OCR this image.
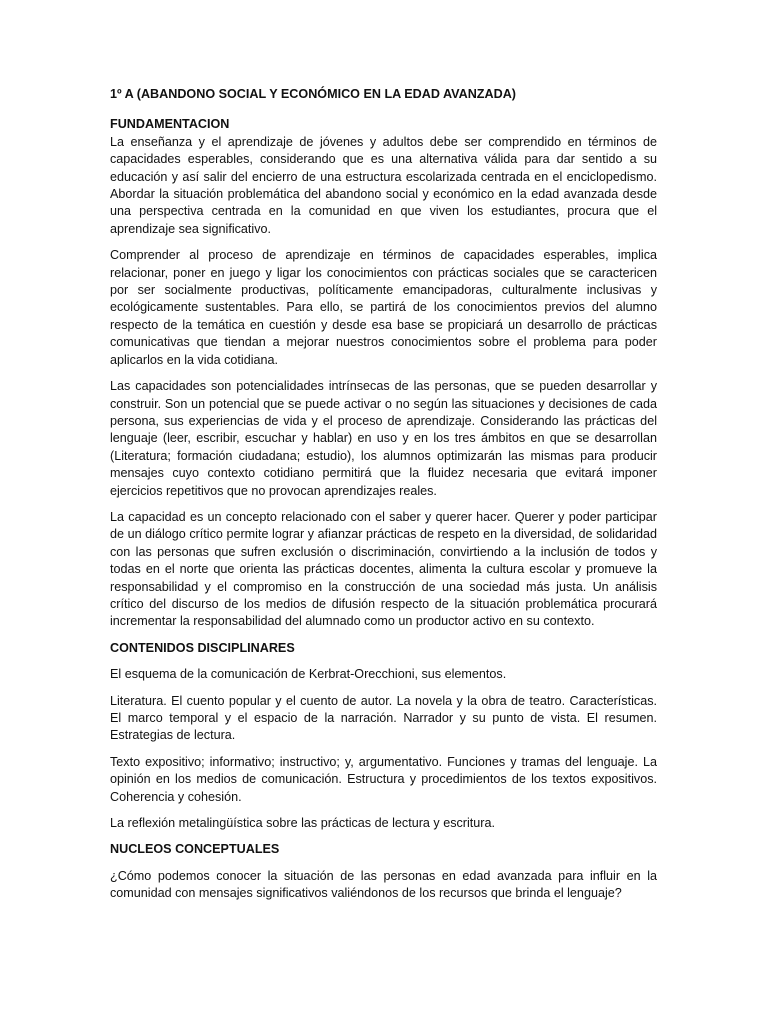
1º A (ABANDONO SOCIAL Y ECONÓMICO EN LA EDAD AVANZADA)

FUNDAMENTACION

La enseñanza y el aprendizaje de jóvenes y adultos debe ser comprendido en términos de capacidades esperables, considerando que es una alternativa válida para dar sentido a su educación y así salir del encierro de una estructura escolarizada centrada en el enciclopedismo. Abordar la situación problemática del abandono social y económico en la edad avanzada desde una perspectiva centrada en la comunidad en que viven los estudiantes, procura que el aprendizaje sea significativo.

Comprender al proceso de aprendizaje en términos de capacidades esperables, implica relacionar, poner en juego y ligar los conocimientos con prácticas sociales que se caractericen por ser socialmente productivas, políticamente emancipadoras, culturalmente inclusivas y ecológicamente sustentables. Para ello, se partirá de los conocimientos previos del alumno respecto de la temática en cuestión y desde esa base se propiciará un desarrollo de prácticas comunicativas que tiendan a mejorar nuestros conocimientos sobre el problema para poder aplicarlos en la vida cotidiana.

Las capacidades son potencialidades intrínsecas de las personas, que se pueden desarrollar y construir. Son un potencial que se puede activar o no según las situaciones y decisiones de cada persona, sus experiencias de vida y el proceso de aprendizaje. Considerando las prácticas del lenguaje (leer, escribir, escuchar y hablar) en uso y en los tres ámbitos en que se desarrollan (Literatura; formación ciudadana; estudio), los alumnos optimizarán las mismas para producir mensajes cuyo contexto cotidiano permitirá que la fluidez necesaria que evitará imponer ejercicios repetitivos que no provocan aprendizajes reales.

La capacidad es un concepto relacionado con el saber y querer hacer. Querer y poder participar de un diálogo crítico permite lograr y afianzar prácticas de respeto en la diversidad, de solidaridad con las personas que sufren exclusión o discriminación, convirtiendo a la inclusión de todos y todas en el norte que orienta las prácticas docentes, alimenta la cultura escolar y promueve la responsabilidad y el compromiso en la construcción de una sociedad más justa. Un análisis crítico del discurso de los medios de difusión respecto de la situación problemática procurará incrementar la responsabilidad del alumnado como un productor activo en su contexto.

CONTENIDOS DISCIPLINARES

El esquema de la comunicación de Kerbrat-Orecchioni, sus elementos.

Literatura. El cuento popular y el cuento de autor. La novela y la obra de teatro. Características. El marco temporal y el espacio de la narración. Narrador y su punto de vista. El resumen. Estrategias de lectura.

Texto expositivo; informativo; instructivo; y, argumentativo. Funciones y tramas del lenguaje. La opinión en los medios de comunicación. Estructura y procedimientos de los textos expositivos. Coherencia y cohesión.

La reflexión metalingüística sobre las prácticas de lectura y escritura.

NUCLEOS CONCEPTUALES

¿Cómo podemos conocer la situación de las personas en edad avanzada para influir en la comunidad con mensajes significativos valiéndonos de los recursos que brinda el lenguaje?
